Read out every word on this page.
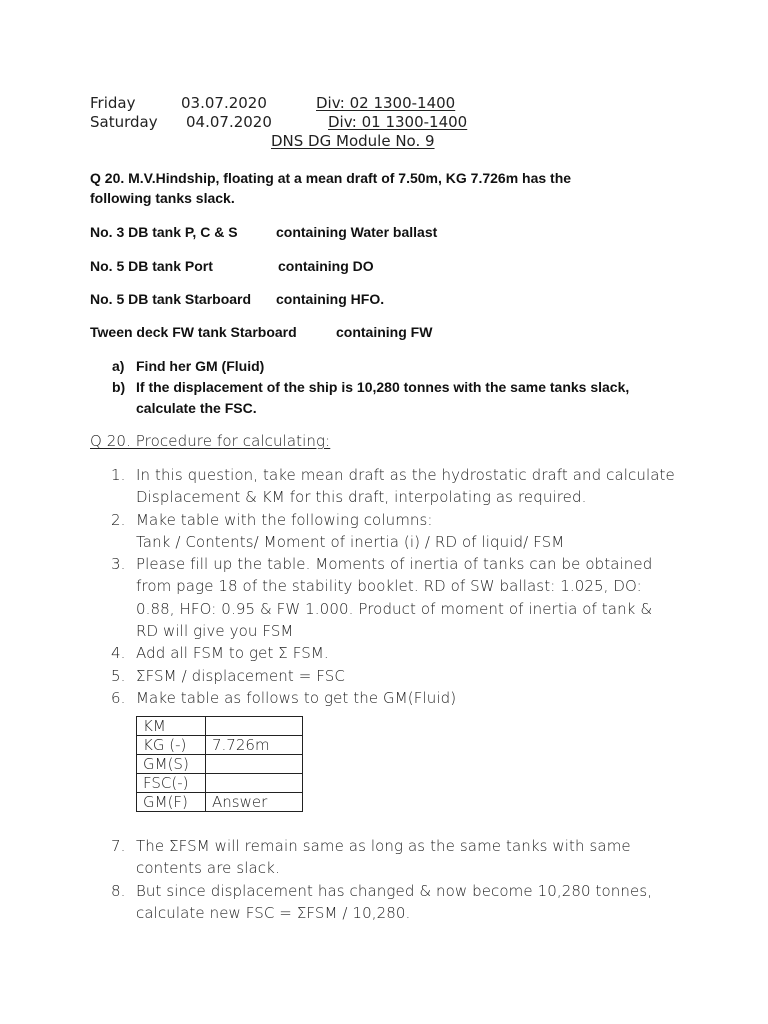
Friday	03.07.2020	Div: 02 1300-1400
Saturday 04.07.2020	Div: 01 1300-1400
DNS DG Module No. 9
Q 20. M.V.Hindship, floating at a mean draft of 7.50m, KG 7.726m has the
following tanks slack.
No. 3 DB tank P, C & S	containing Water ballast
No. 5 DB tank Port	containing DO
No. 5 DB tank Starboard containing HFO.
Tween deck FW tank Starboard	containing FW
a) Find her GM (Fluid)
b) If the displacement of the ship is 10,280 tonnes with the same tanks slack,
calculate the FSC.
Q 20. Procedure for calculating:
1. In this question, take mean draft as the hydrostatic draft and calculate
Displacement & KM for this draft, interpolating as required.
2. Make table with the following columns:
Tank / Contents/ Moment of inertia (i) / RD of liquid/ FSM
3. Please fill up the table. Moments of inertia of tanks can be obtained
from page 18 of the stability booklet. RD of SW ballast: 1.025, DO:
0.88, HFO: 0.95 & FW 1.000. Product of moment of inertia of tank &
RD will give you FSM
4. Add all FSM to get Σ FSM.
5. ΣFSM / displacement = FSC
6. Make table as follows to get the GM(Fluid)
KM	
KG (-)	7.726m
GM(S)	
FSC(-)	
GM(F)	Answer
7. The ΣFSM will remain same as long as the same tanks with same
contents are slack.
8. But since displacement has changed & now become 10,280 tonnes,
calculate new FSC = ΣFSM / 10,280.
